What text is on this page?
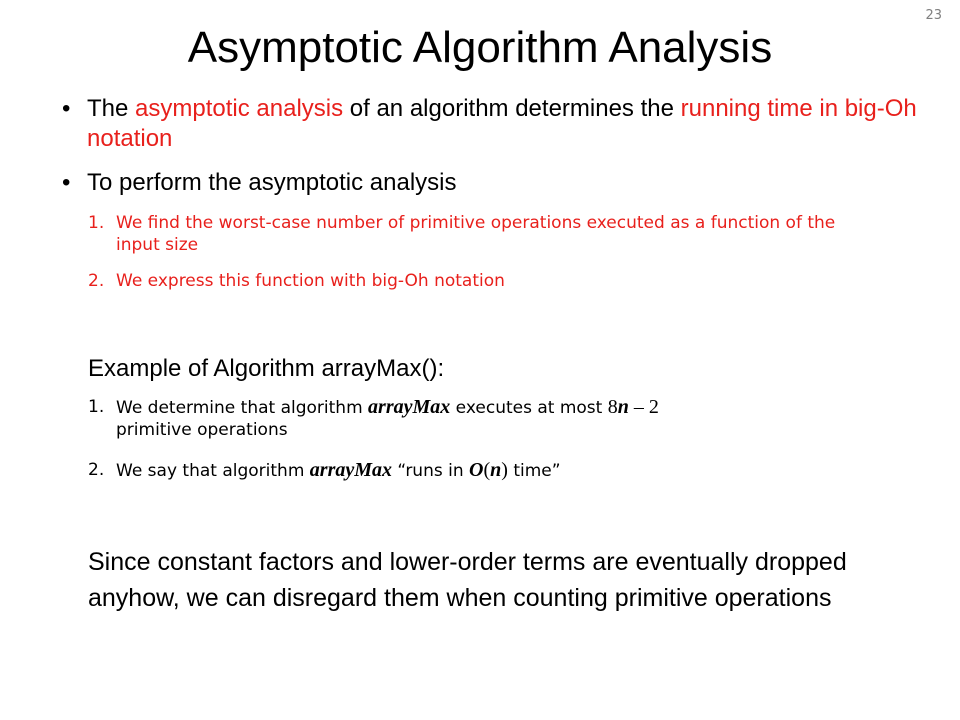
23
Asymptotic Algorithm Analysis
• The asymptotic analysis of an algorithm determines the running time in big-Oh notation
• To perform the asymptotic analysis
1. We find the worst-case number of primitive operations executed as a function of the input size
2. We express this function with big-Oh notation
Example of Algorithm arrayMax():
1. We determine that algorithm arrayMax executes at most 8n – 2
primitive operations
2. We say that algorithm arrayMax “runs in O(n) time”
Since constant factors and lower-order terms are eventually dropped anyhow, we can disregard them when counting primitive operations
